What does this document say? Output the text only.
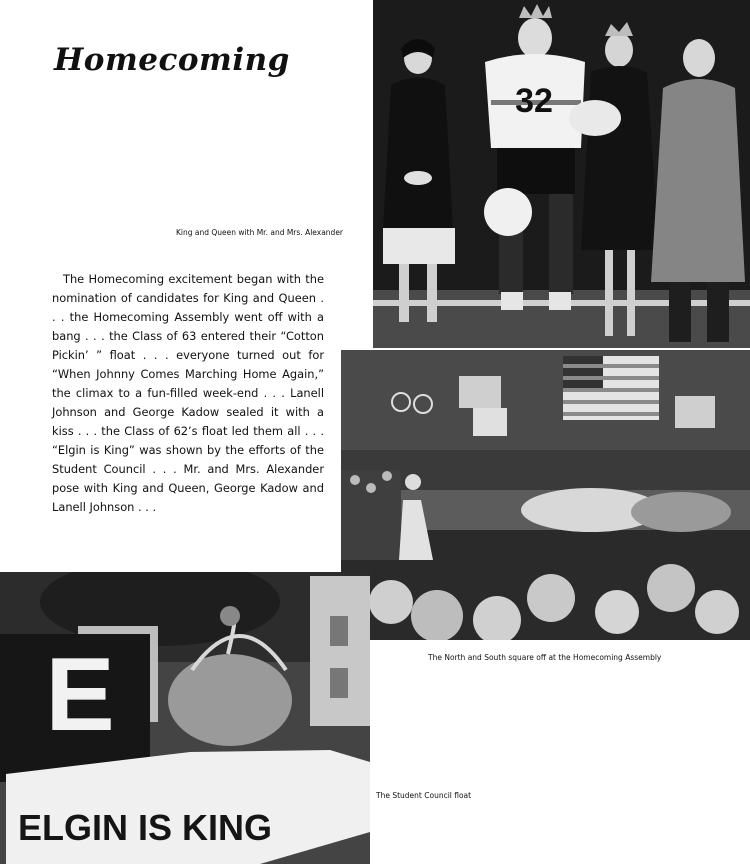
Homecoming
32
King and Queen with Mr. and Mrs. Alexander
The Homecoming excitement began with the nomination of candidates for King and Queen . . . the Homecoming Assembly went off with a bang . . . the Class of 63 entered their “Cotton Pickin’ ” float . . . everyone turned out for “When Johnny Comes Marching Home Again,” the climax to a fun-filled week-end . . . Lanell Johnson and George Kadow sealed it with a kiss . . . the Class of 62’s float led them all . . . “Elgin is King” was shown by the efforts of the Student Council . . . Mr. and Mrs. Alexander pose with King and Queen, George Kadow and Lanell Johnson . . .
The North and South square off at the Homecoming Assembly
E
ELGIN IS KING
The Student Council float
